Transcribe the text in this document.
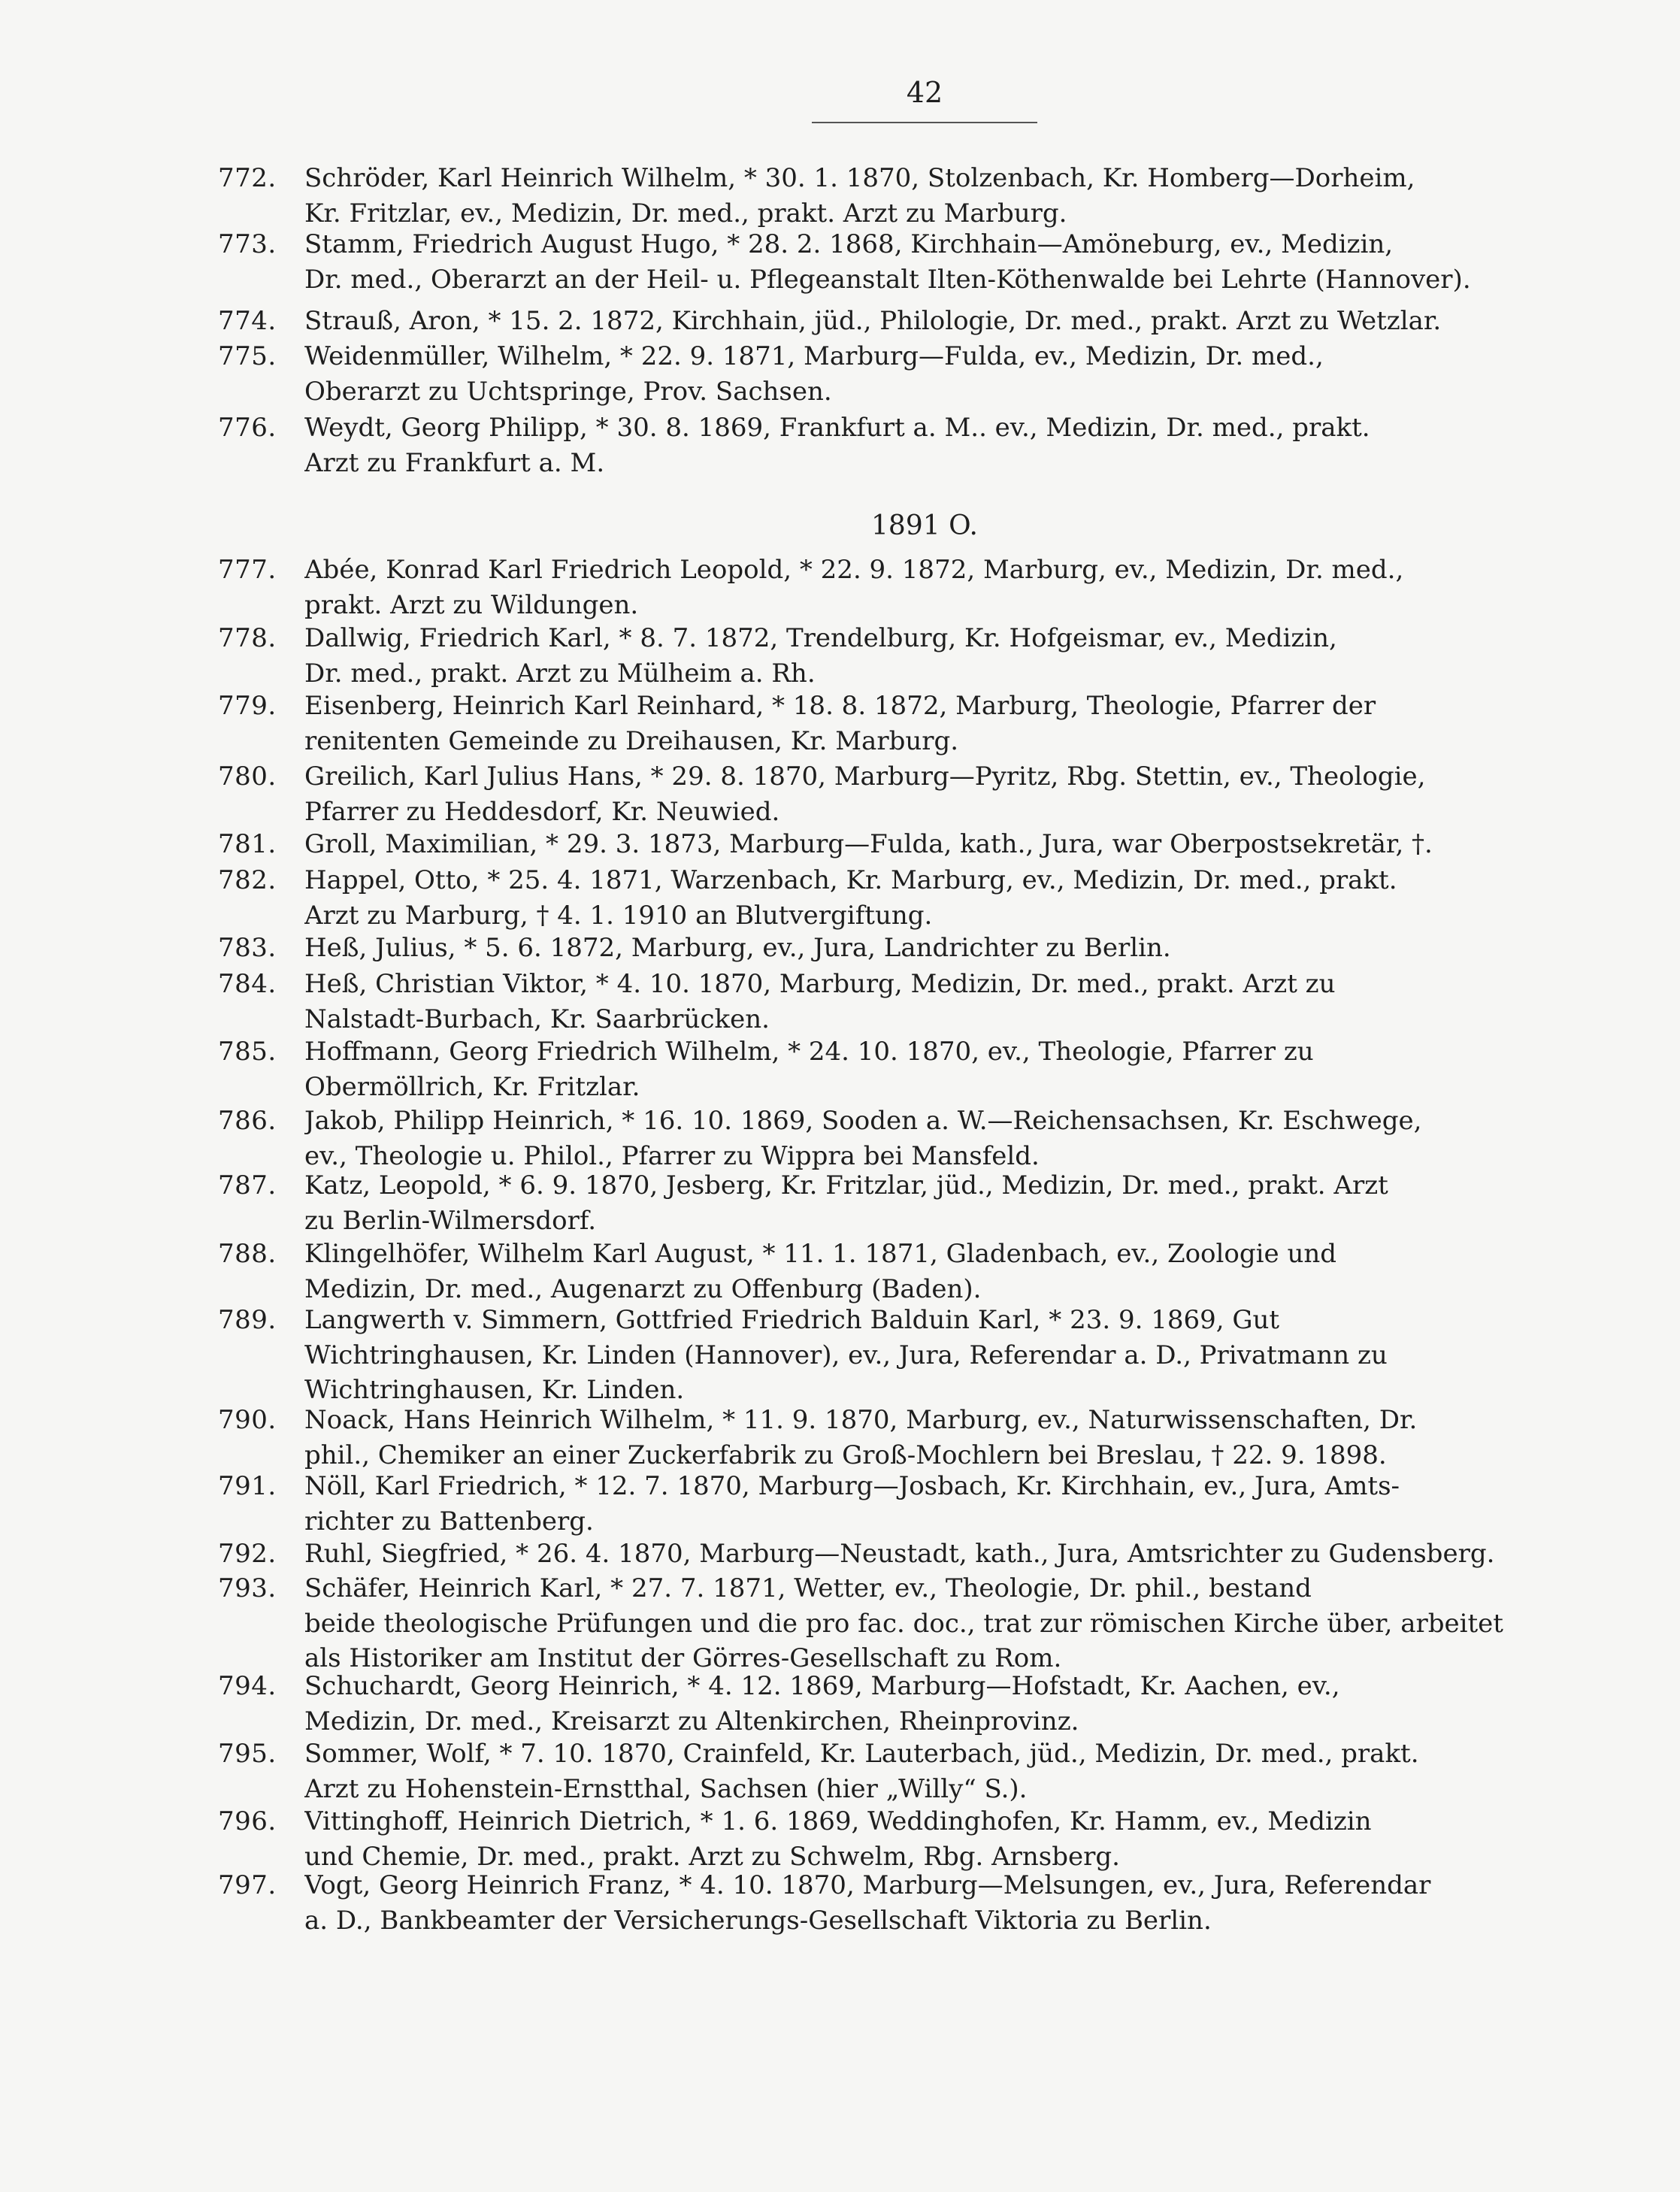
42
1891 O.
772.	Schröder, Karl Heinrich Wilhelm, * 30. 1. 1870, Stolzenbach, Kr. Homberg—Dorheim,
Kr. Fritzlar, ev., Medizin, Dr. med., prakt. Arzt zu Marburg.
773.	Stamm, Friedrich August Hugo, * 28. 2. 1868, Kirchhain—Amöneburg, ev., Medizin,
Dr. med., Oberarzt an der Heil- u. Pflegeanstalt Ilten-Köthenwalde bei Lehrte (Hannover).
774.	Strauß, Aron, * 15. 2. 1872, Kirchhain, jüd., Philologie, Dr. med., prakt. Arzt zu Wetzlar.
775.	Weidenmüller, Wilhelm, * 22. 9. 1871, Marburg—Fulda, ev., Medizin, Dr. med.,
Oberarzt zu Uchtspringe, Prov. Sachsen.
776.	Weydt, Georg Philipp, * 30. 8. 1869, Frankfurt a. M.. ev., Medizin, Dr. med., prakt.
Arzt zu Frankfurt a. M.
777.	Abée, Konrad Karl Friedrich Leopold, * 22. 9. 1872, Marburg, ev., Medizin, Dr. med.,
prakt. Arzt zu Wildungen.
778.	Dallwig, Friedrich Karl, * 8. 7. 1872, Trendelburg, Kr. Hofgeismar, ev., Medizin,
Dr. med., prakt. Arzt zu Mülheim a. Rh.
779.	Eisenberg, Heinrich Karl Reinhard, * 18. 8. 1872, Marburg, Theologie, Pfarrer der
renitenten Gemeinde zu Dreihausen, Kr. Marburg.
780.	Greilich, Karl Julius Hans, * 29. 8. 1870, Marburg—Pyritz, Rbg. Stettin, ev., Theologie,
Pfarrer zu Heddesdorf, Kr. Neuwied.
781.	Groll, Maximilian, * 29. 3. 1873, Marburg—Fulda, kath., Jura, war Oberpostsekretär, †.
782.	Happel, Otto, * 25. 4. 1871, Warzenbach, Kr. Marburg, ev., Medizin, Dr. med., prakt.
Arzt zu Marburg, † 4. 1. 1910 an Blutvergiftung.
783.	Heß, Julius, * 5. 6. 1872, Marburg, ev., Jura, Landrichter zu Berlin.
784.	Heß, Christian Viktor, * 4. 10. 1870, Marburg, Medizin, Dr. med., prakt. Arzt zu
Nalstadt-Burbach, Kr. Saarbrücken.
785.	Hoffmann, Georg Friedrich Wilhelm, * 24. 10. 1870, ev., Theologie, Pfarrer zu
Obermöllrich, Kr. Fritzlar.
786.	Jakob, Philipp Heinrich, * 16. 10. 1869, Sooden a. W.—Reichensachsen, Kr. Eschwege,
ev., Theologie u. Philol., Pfarrer zu Wippra bei Mansfeld.
787.	Katz, Leopold, * 6. 9. 1870, Jesberg, Kr. Fritzlar, jüd., Medizin, Dr. med., prakt. Arzt
zu Berlin-Wilmersdorf.
788.	Klingelhöfer, Wilhelm Karl August, * 11. 1. 1871, Gladenbach, ev., Zoologie und
Medizin, Dr. med., Augenarzt zu Offenburg (Baden).
789.	Langwerth v. Simmern, Gottfried Friedrich Balduin Karl, * 23. 9. 1869, Gut
Wichtringhausen, Kr. Linden (Hannover), ev., Jura, Referendar a. D., Privatmann zu
Wichtringhausen, Kr. Linden.
790.	Noack, Hans Heinrich Wilhelm, * 11. 9. 1870, Marburg, ev., Naturwissenschaften, Dr.
phil., Chemiker an einer Zuckerfabrik zu Groß-Mochlern bei Breslau, † 22. 9. 1898.
791.	Nöll, Karl Friedrich, * 12. 7. 1870, Marburg—Josbach, Kr. Kirchhain, ev., Jura, Amts-
richter zu Battenberg.
792.	Ruhl, Siegfried, * 26. 4. 1870, Marburg—Neustadt, kath., Jura, Amtsrichter zu Gudensberg.
793.	Schäfer, Heinrich Karl, * 27. 7. 1871, Wetter, ev., Theologie, Dr. phil., bestand
beide theologische Prüfungen und die pro fac. doc., trat zur römischen Kirche über, arbeitet
als Historiker am Institut der Görres-Gesellschaft zu Rom.
794.	Schuchardt, Georg Heinrich, * 4. 12. 1869, Marburg—Hofstadt, Kr. Aachen, ev.,
Medizin, Dr. med., Kreisarzt zu Altenkirchen, Rheinprovinz.
795.	Sommer, Wolf, * 7. 10. 1870, Crainfeld, Kr. Lauterbach, jüd., Medizin, Dr. med., prakt.
Arzt zu Hohenstein-Ernstthal, Sachsen (hier „Willy“ S.).
796.	Vittinghoff, Heinrich Dietrich, * 1. 6. 1869, Weddinghofen, Kr. Hamm, ev., Medizin
und Chemie, Dr. med., prakt. Arzt zu Schwelm, Rbg. Arnsberg.
797.	Vogt, Georg Heinrich Franz, * 4. 10. 1870, Marburg—Melsungen, ev., Jura, Referendar
a. D., Bankbeamter der Versicherungs-Gesellschaft Viktoria zu Berlin.
